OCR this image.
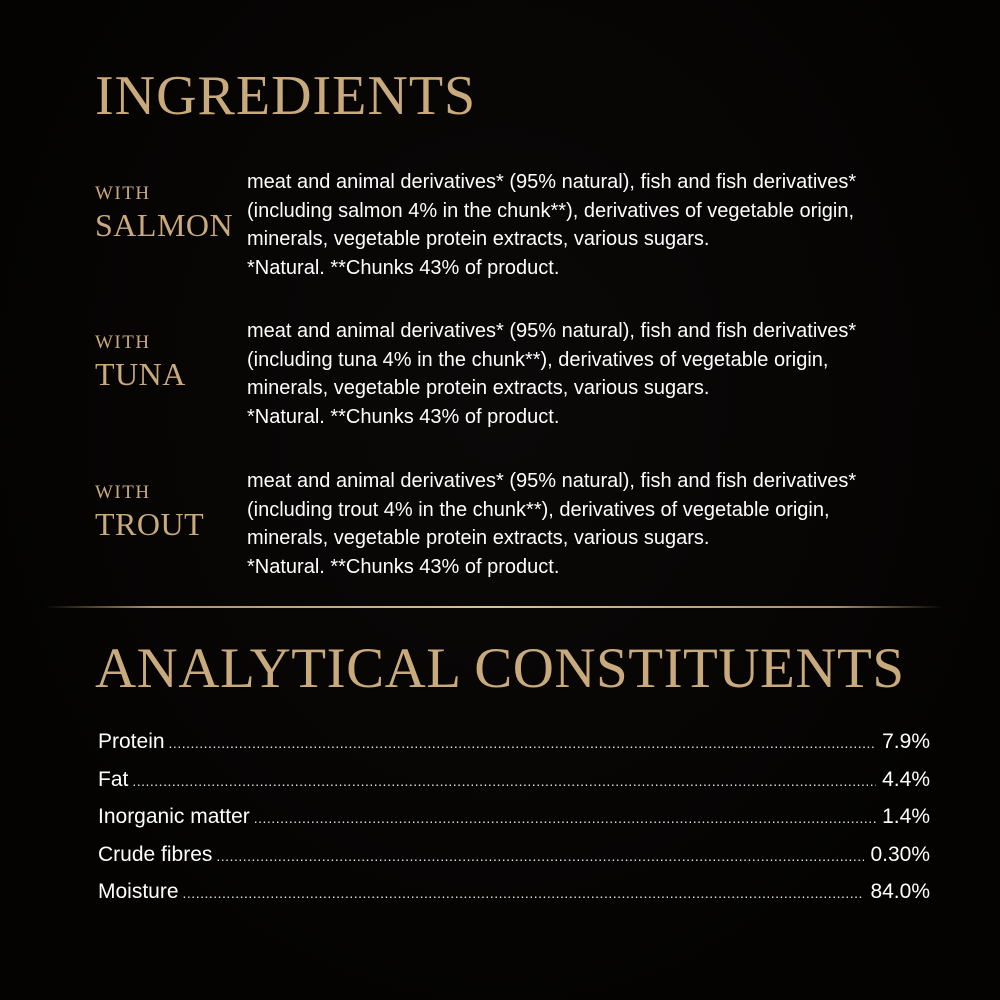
INGREDIENTS
WITH
SALMON

meat and animal derivatives* (95% natural), fish and fish derivatives*
(including salmon 4% in the chunk**), derivatives of vegetable origin,
minerals, vegetable protein extracts, various sugars.
*Natural. **Chunks 43% of product.

WITH
TUNA

meat and animal derivatives* (95% natural), fish and fish derivatives*
(including tuna 4% in the chunk**), derivatives of vegetable origin,
minerals, vegetable protein extracts, various sugars.
*Natural. **Chunks 43% of product.

WITH
TROUT

meat and animal derivatives* (95% natural), fish and fish derivatives*
(including trout 4% in the chunk**), derivatives of vegetable origin,
minerals, vegetable protein extracts, various sugars.
*Natural. **Chunks 43% of product.

ANALYTICAL CONSTITUENTS
Protein .....	7.9%
Fat .....	4.4%
Inorganic matter .....	1.4%
Crude fibres .....	0.30%
Moisture .....	84.0%
